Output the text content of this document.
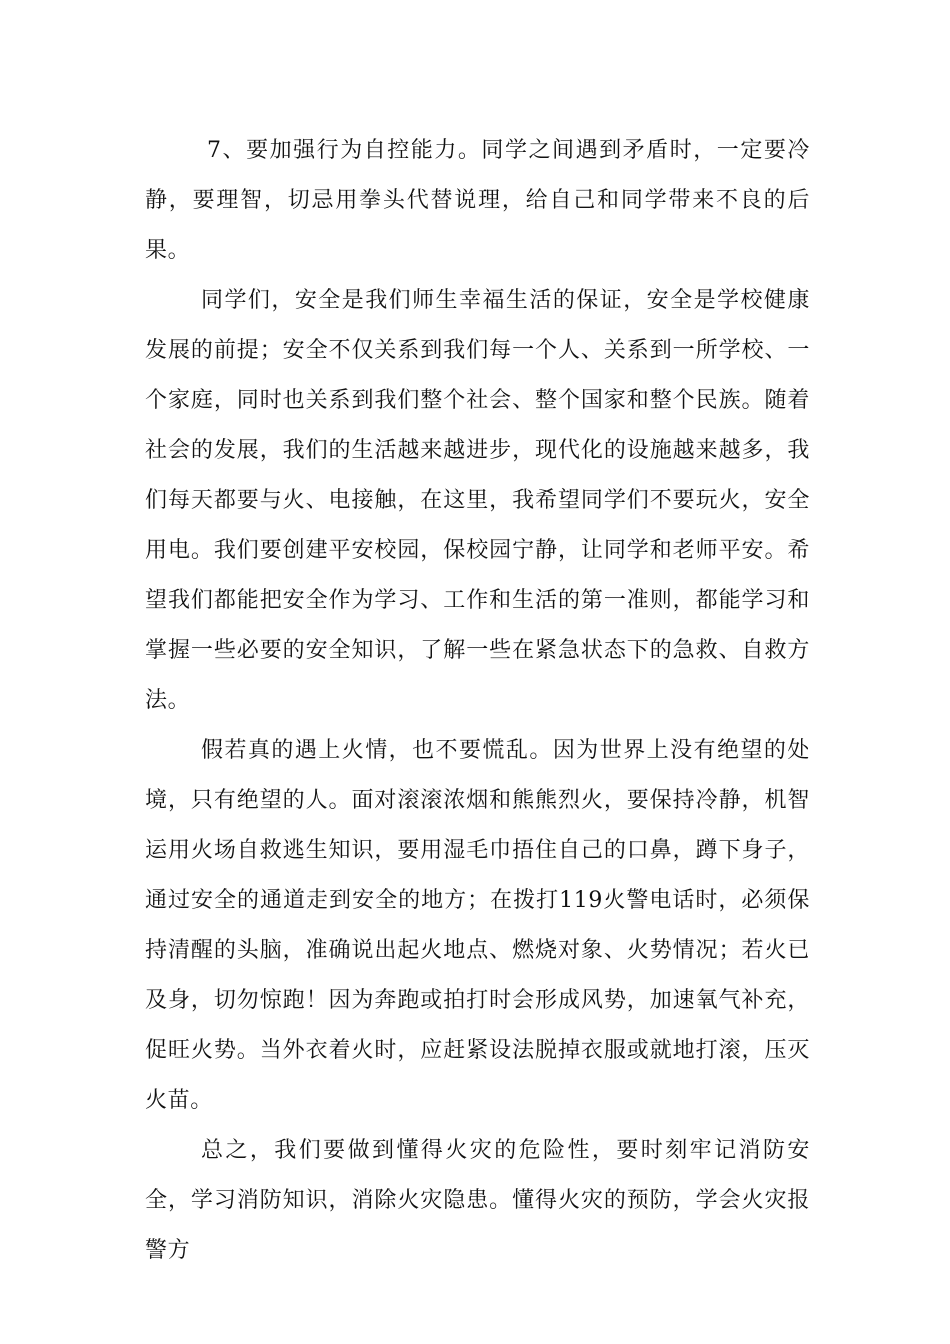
7、要加强行为自控能力。同学之间遇到矛盾时，一定要冷静，要理智，切忌用拳头代替说理，给自己和同学带来不良的后果。

同学们，安全是我们师生幸福生活的保证，安全是学校健康发展的前提；安全不仅关系到我们每一个人、关系到一所学校、一个家庭，同时也关系到我们整个社会、整个国家和整个民族。随着社会的发展，我们的生活越来越进步，现代化的设施越来越多，我们每天都要与火、电接触，在这里，我希望同学们不要玩火，安全用电。我们要创建平安校园，保校园宁静，让同学和老师平安。希望我们都能把安全作为学习、工作和生活的第一准则，都能学习和掌握一些必要的安全知识，了解一些在紧急状态下的急救、自救方法。

假若真的遇上火情，也不要慌乱。因为世界上没有绝望的处境，只有绝望的人。面对滚滚浓烟和熊熊烈火，要保持冷静，机智运用火场自救逃生知识，要用湿毛巾捂住自己的口鼻，蹲下身子，通过安全的通道走到安全的地方；在拨打119火警电话时，必须保持清醒的头脑，准确说出起火地点、燃烧对象、火势情况；若火已及身，切勿惊跑！因为奔跑或拍打时会形成风势，加速氧气补充，促旺火势。当外衣着火时，应赶紧设法脱掉衣服或就地打滚，压灭火苗。

总之，我们要做到懂得火灾的危险性，要时刻牢记消防安全，学习消防知识，消除火灾隐患。懂得火灾的预防，学会火灾报警方
